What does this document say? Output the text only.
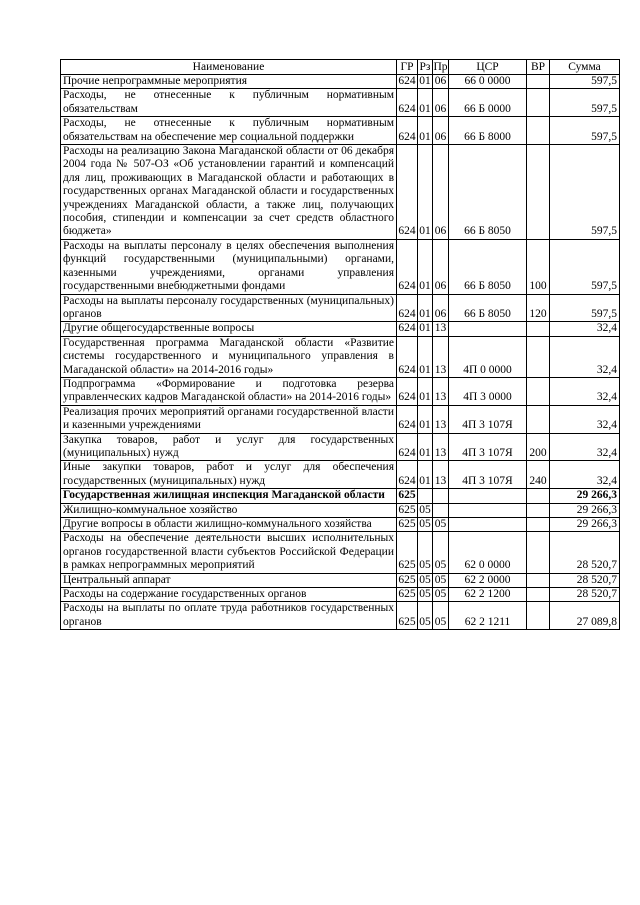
Наименование	ГР	Рз	Пр	ЦСР	ВР	Сумма
Прочие непрограммные мероприятия	624	01	06	66 0 0000		597,5
Расходы, не отнесенные к публичным нормативным обязательствам	624	01	06	66 Б 0000		597,5
Расходы, не отнесенные к публичным нормативным обязательствам на обеспечение мер социальной поддержки	624	01	06	66 Б 8000		597,5
Расходы на реализацию Закона Магаданской области от 06 декабря 2004 года № 507-ОЗ «Об установлении гарантий и компенсаций для лиц, проживающих в Магаданской области и работающих в государственных органах Магаданской области и государственных учреждениях Магаданской области, а также лиц, получающих пособия, стипендии и компенсации за счет средств областного бюджета»	624	01	06	66 Б 8050		597,5
Расходы на выплаты персоналу в целях обеспечения выполнения функций государственными (муниципальными) органами, казенными учреждениями, органами управления государственными внебюджетными фондами	624	01	06	66 Б 8050	100	597,5
Расходы на выплаты персоналу государственных (муниципальных) органов	624	01	06	66 Б 8050	120	597,5
Другие общегосударственные вопросы	624	01	13			32,4
Государственная программа Магаданской области «Развитие системы государственного и муниципального управления в Магаданской области» на 2014-2016 годы»	624	01	13	4П 0 0000		32,4
Подпрограмма «Формирование и подготовка резерва управленческих кадров Магаданской области» на 2014-2016 годы»	624	01	13	4П 3 0000		32,4
Реализация прочих мероприятий органами государственной власти и казенными учреждениями	624	01	13	4П 3 107Я		32,4
Закупка товаров, работ и услуг для государственных (муниципальных) нужд	624	01	13	4П 3 107Я	200	32,4
Иные закупки товаров, работ и услуг для обеспечения государственных (муниципальных) нужд	624	01	13	4П 3 107Я	240	32,4
Государственная жилищная инспекция Магаданской области	625					29 266,3
Жилищно-коммунальное хозяйство	625	05				29 266,3
Другие вопросы в области жилищно-коммунального хозяйства	625	05	05			29 266,3
Расходы на обеспечение деятельности высших исполнительных органов государственной власти субъектов Российской Федерации в рамках непрограммных мероприятий	625	05	05	62 0 0000		28 520,7
Центральный аппарат	625	05	05	62 2 0000		28 520,7
Расходы на содержание государственных органов	625	05	05	62 2 1200		28 520,7
Расходы на выплаты по оплате труда работников государственных органов	625	05	05	62 2 1211		27 089,8
